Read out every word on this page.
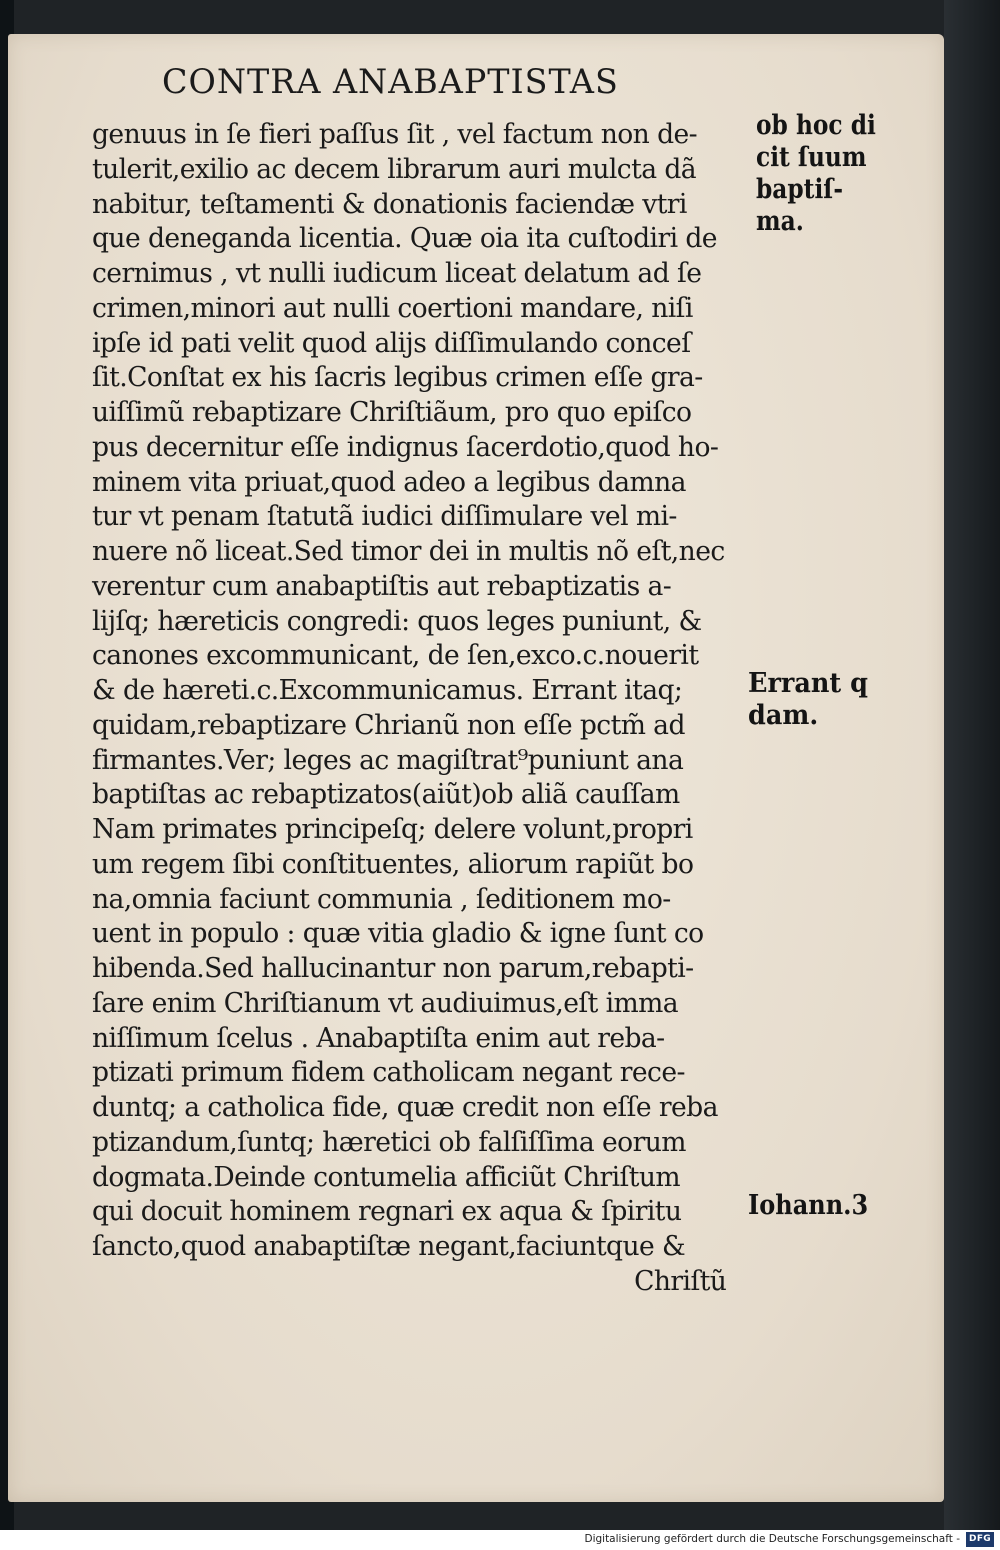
CONTRA ANABAPTISTAS
genuus in ſe fieri paſſus ſit , vel factum non de-
tulerit,exilio ac decem librarum auri mulcta dã
nabitur, teſtamenti & donationis faciendæ vtri
que deneganda licentia. Quæ oia ita cuſtodiri de
cernimus , vt nulli iudicum liceat delatum ad ſe
crimen,minori aut nulli coertioni mandare, niſi
ipſe id pati velit quod alijs diſſimulando conceſ
ſit.Conſtat ex his ſacris legibus crimen eſſe gra-
uiſſimũ rebaptizare Chriſtiãum, pro quo epiſco
pus decernitur eſſe indignus ſacerdotio,quod ho-
minem vita priuat,quod adeo a legibus damna
tur vt penam ſtatutã iudici diſſimulare vel mi-
nuere nõ liceat.Sed timor dei in multis nõ eſt,nec
verentur cum anabaptiſtis aut rebaptizatis a-
lijſq; hæreticis congredi: quos leges puniunt, &
canones excommunicant, de ſen,exco.c.nouerit
& de hæreti.c.Excommunicamus. Errant itaq;
quidam,rebaptizare Chrianũ non eſſe pctm̃ ad
firmantes.Ver; leges ac magiſtrat⁹puniunt ana
baptiſtas ac rebaptizatos(aiũt)ob aliã cauſſam
Nam primates principeſq; delere volunt,propri
um regem ſibi conſtituentes, aliorum rapiũt bo
na,omnia faciunt communia , ſeditionem mo-
uent in populo : quæ vitia gladio & igne ſunt co
hibenda.Sed hallucinantur non parum,rebapti-
ſare enim Chriſtianum vt audiuimus,eſt imma
niſſimum ſcelus . Anabaptiſta enim aut reba-
ptizati primum fidem catholicam negant rece-
duntq; a catholica fide, quæ credit non eſſe reba
ptizandum,ſuntq; hæretici ob falſiſſima eorum
dogmata.Deinde contumelia afficiũt Chriſtum
qui docuit hominem regnari ex aqua & ſpiritu
ſancto,quod anabaptiſtæ negant,faciuntque &
Chriſtũ
ob hoc di
cit ſuum
baptiſ-
ma.
Errant q
dam.
Iohann.3
Digitalisierung gefördert durch die Deutsche Forschungsgemeinschaft -	DFG
